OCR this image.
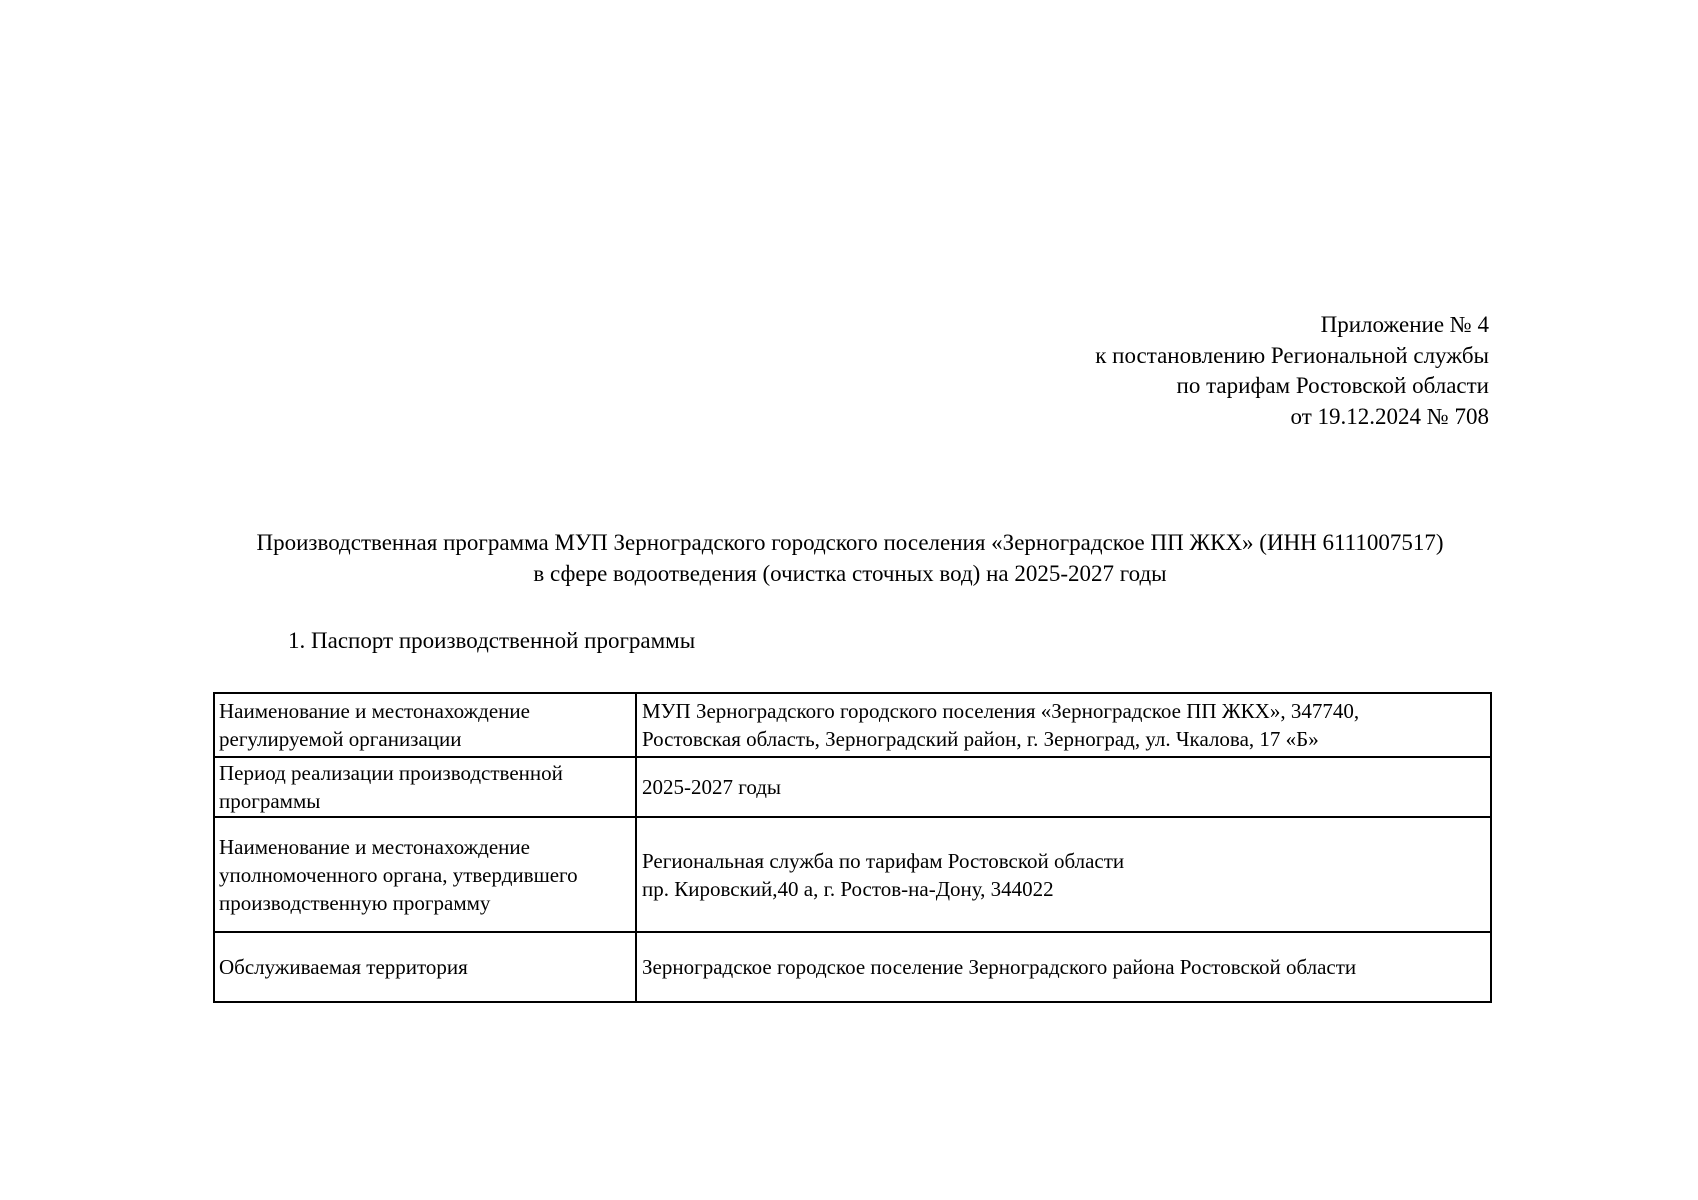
Приложение № 4
к постановлению Региональной службы
по тарифам Ростовской области
от 19.12.2024 № 708
Производственная программа МУП Зерноградского городского поселения «Зерноградское ПП ЖКХ» (ИНН 6111007517)
в сфере водоотведения (очистка сточных вод) на 2025-2027 годы
1. Паспорт производственной программы
Наименование и местонахождение
регулируемой организации	МУП Зерноградского городского поселения «Зерноградское ПП ЖКХ», 347740,
Ростовская область, Зерноградский район, г. Зерноград, ул. Чкалова, 17 «Б»

Период реализации производственной
программы	2025-2027 годы

Наименование и местонахождение
уполномоченного органа, утвердившего
производственную программу	Региональная служба по тарифам Ростовской области
пр. Кировский,40 а, г. Ростов-на-Дону, 344022

Обслуживаемая территория	Зерноградское городское поселение Зерноградского района Ростовской области
